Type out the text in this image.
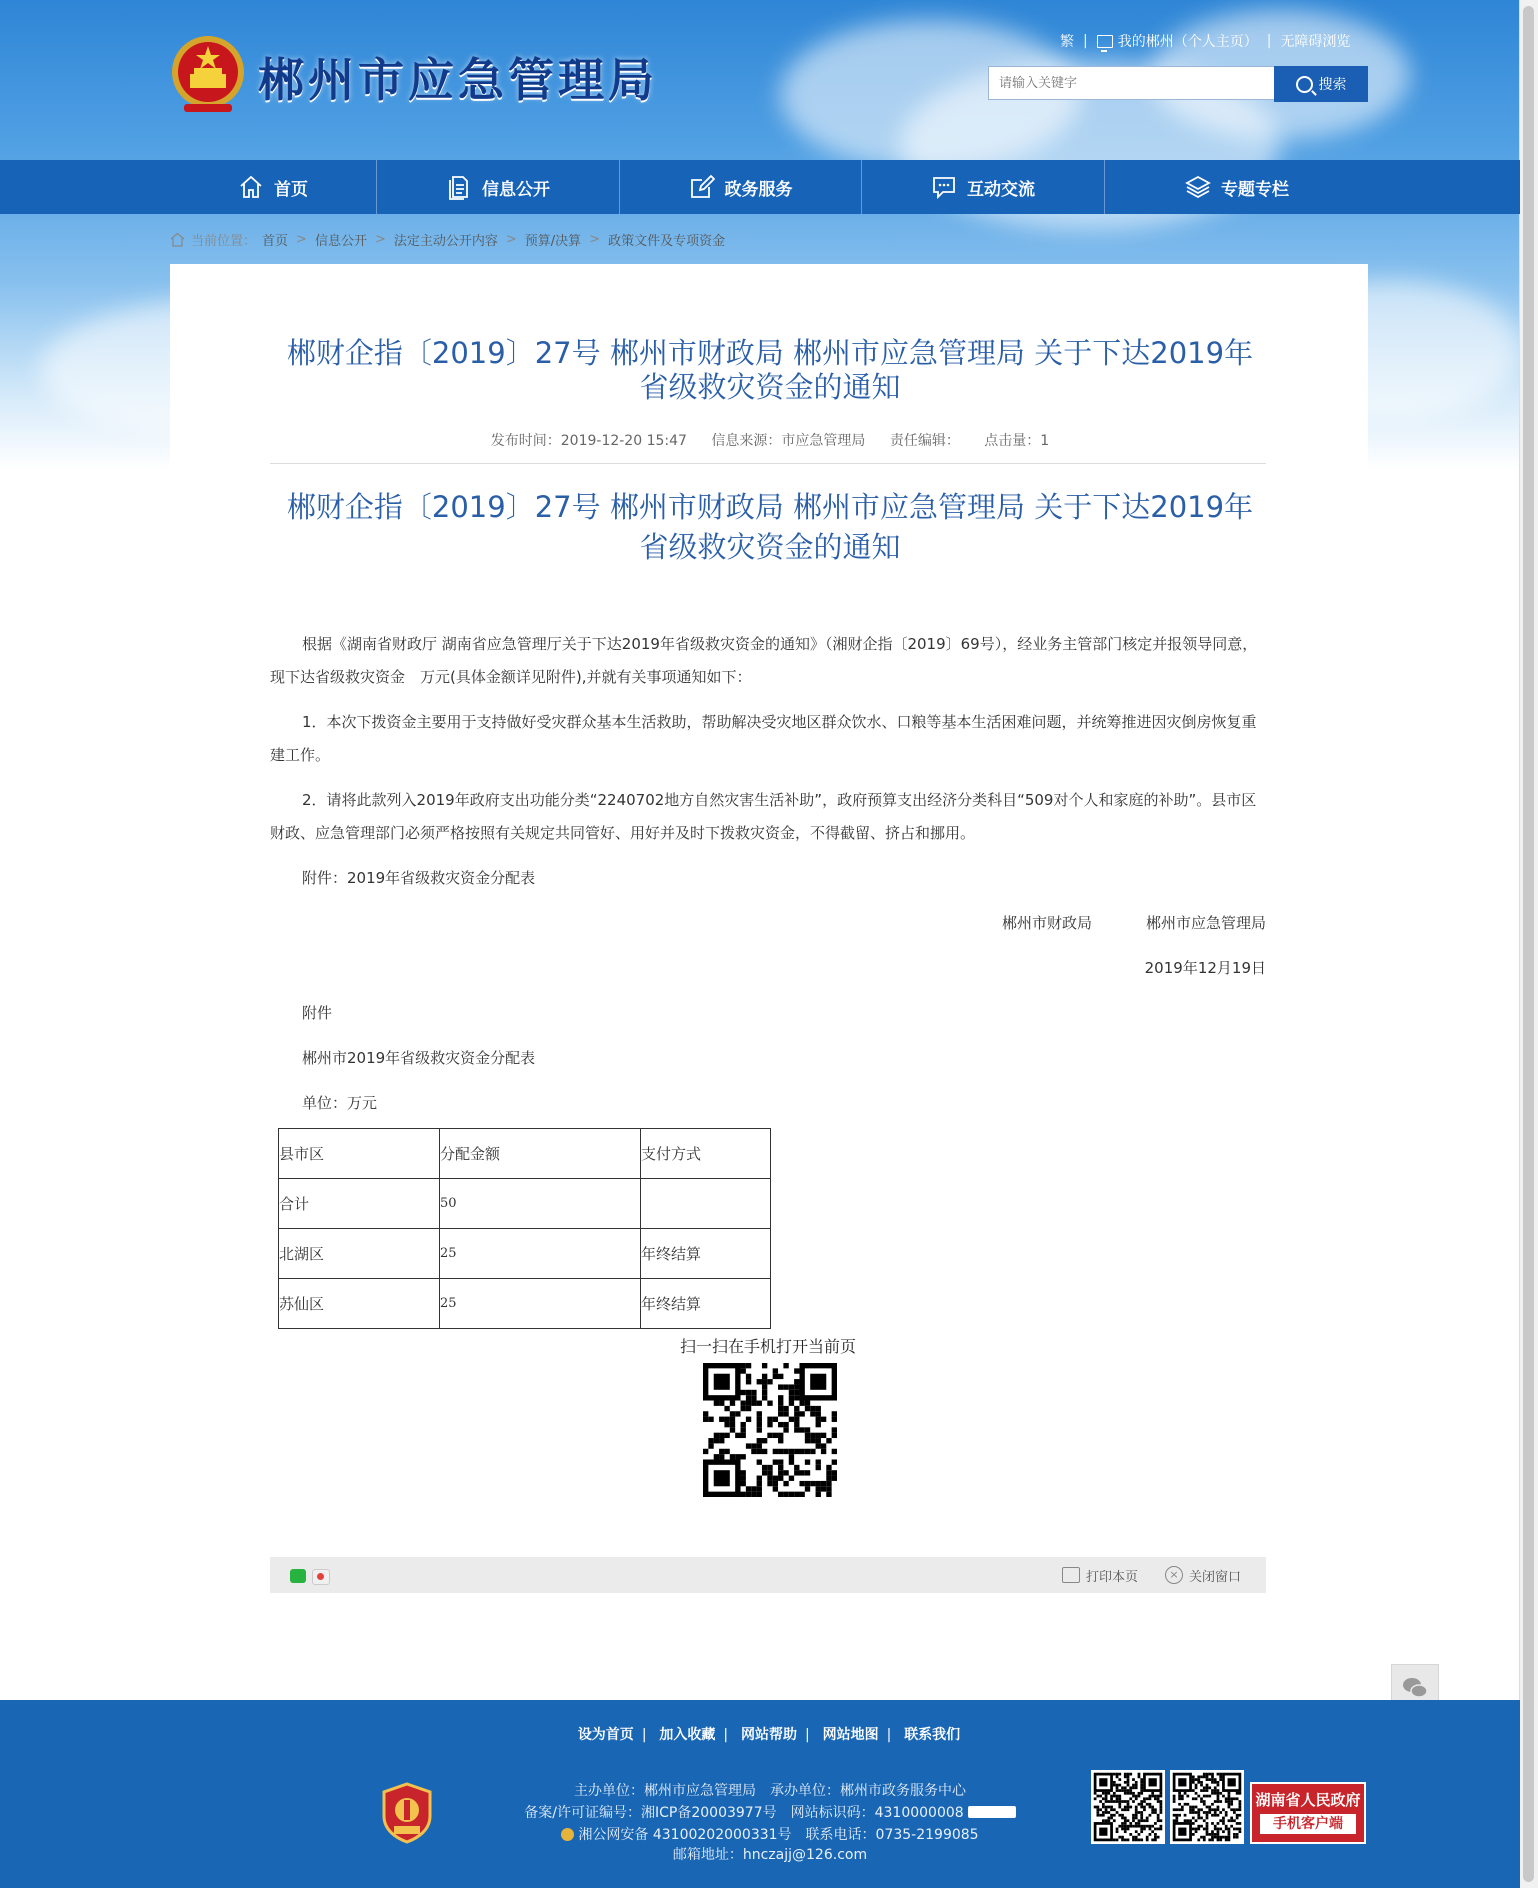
郴州市应急管理局
繁 | 我的郴州（个人主页） | 无障碍浏览
请输入关键字
搜索
首页	信息公开	政务服务	互动交流	专题专栏
当前位置： 首页 > 信息公开 > 法定主动公开内容 > 预算/决算 > 政策文件及专项资金
郴财企指〔2019〕27号 郴州市财政局 郴州市应急管理局 关于下达2019年
省级救灾资金的通知
发布时间：2019-12-20 15:47 信息来源：市应急管理局 责任编辑： 点击量：1
郴财企指〔2019〕27号 郴州市财政局 郴州市应急管理局 关于下达2019年
省级救灾资金的通知

根据《湖南省财政厅 湖南省应急管理厅关于下达2019年省级救灾资金的通知》（湘财企指〔2019〕69号），经业务主管部门核定并报领导同意，现下达省级救灾资金　万元(具体金额详见附件),并就有关事项通知如下：

1．本次下拨资金主要用于支持做好受灾群众基本生活救助，帮助解决受灾地区群众饮水、口粮等基本生活困难问题，并统筹推进因灾倒房恢复重建工作。

2．请将此款列入2019年政府支出功能分类“2240702地方自然灾害生活补助”，政府预算支出经济分类科目“509对个人和家庭的补助”。县市区财政、应急管理部门必须严格按照有关规定共同管好、用好并及时下拨救灾资金，不得截留、挤占和挪用。

附件：2019年省级救灾资金分配表

郴州市财政局	郴州市应急管理局

2019年12月19日

附件

郴州市2019年省级救灾资金分配表

单位：万元

县市区	分配金额	支付方式
合计	50	
北湖区	25	年终结算
苏仙区	25	年终结算
扫一扫在手机打开当前页
打印本页	× 关闭窗口
设为首页 | 加入收藏 | 网站帮助 | 网站地图 | 联系我们
主办单位：郴州市应急管理局　承办单位：郴州市政务服务中心
备案/许可证编号：湘ICP备20003977号　网站标识码：4310000008
湘公网安备 43100202000331号　联系电话：0735-2199085
邮箱地址：hnczajj@126.com
湖南省人民政府
手机客户端
